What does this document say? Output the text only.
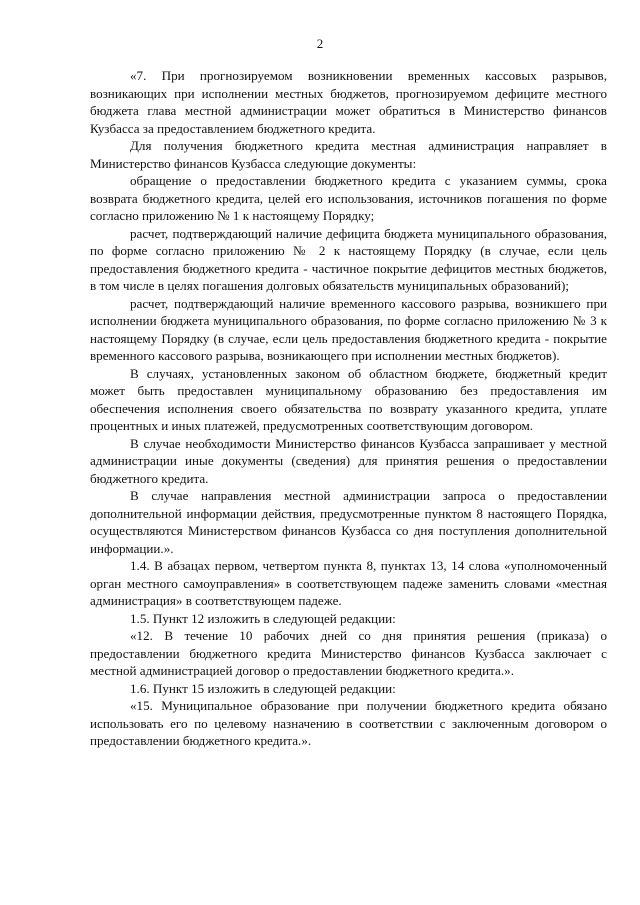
2

«7. При прогнозируемом возникновении временных кассовых разрывов, возникающих при исполнении местных бюджетов, прогнозируемом дефиците местного бюджета глава местной администрации может обратиться в Министерство финансов Кузбасса за предоставлением бюджетного кредита.

Для получения бюджетного кредита местная администрация направляет в Министерство финансов Кузбасса следующие документы:

обращение о предоставлении бюджетного кредита с указанием суммы, срока возврата бюджетного кредита, целей его использования, источников погашения по форме согласно приложению № 1 к настоящему Порядку;

расчет, подтверждающий наличие дефицита бюджета муниципального образования, по форме согласно приложению № 2 к настоящему Порядку (в случае, если цель предоставления бюджетного кредита - частичное покрытие дефицитов местных бюджетов, в том числе в целях погашения долговых обязательств муниципальных образований);

расчет, подтверждающий наличие временного кассового разрыва, возникшего при исполнении бюджета муниципального образования, по форме согласно приложению № 3 к настоящему Порядку (в случае, если цель предоставления бюджетного кредита - покрытие временного кассового разрыва, возникающего при исполнении местных бюджетов).

В случаях, установленных законом об областном бюджете, бюджетный кредит может быть предоставлен муниципальному образованию без предоставления им обеспечения исполнения своего обязательства по возврату указанного кредита, уплате процентных и иных платежей, предусмотренных соответствующим договором.

В случае необходимости Министерство финансов Кузбасса запрашивает у местной администрации иные документы (сведения) для принятия решения о предоставлении бюджетного кредита.

В случае направления местной администрации запроса о предоставлении дополнительной информации действия, предусмотренные пунктом 8 настоящего Порядка, осуществляются Министерством финансов Кузбасса со дня поступления дополнительной информации.».

1.4. В абзацах первом, четвертом пункта 8, пунктах 13, 14 слова «уполномоченный орган местного самоуправления» в соответствующем падеже заменить словами «местная администрация» в соответствующем падеже.

1.5. Пункт 12 изложить в следующей редакции:

«12. В течение 10 рабочих дней со дня принятия решения (приказа) о предоставлении бюджетного кредита Министерство финансов Кузбасса заключает с местной администрацией договор о предоставлении бюджетного кредита.».

1.6. Пункт 15 изложить в следующей редакции:

«15. Муниципальное образование при получении бюджетного кредита обязано использовать его по целевому назначению в соответствии с заключенным договором о предоставлении бюджетного кредита.».
